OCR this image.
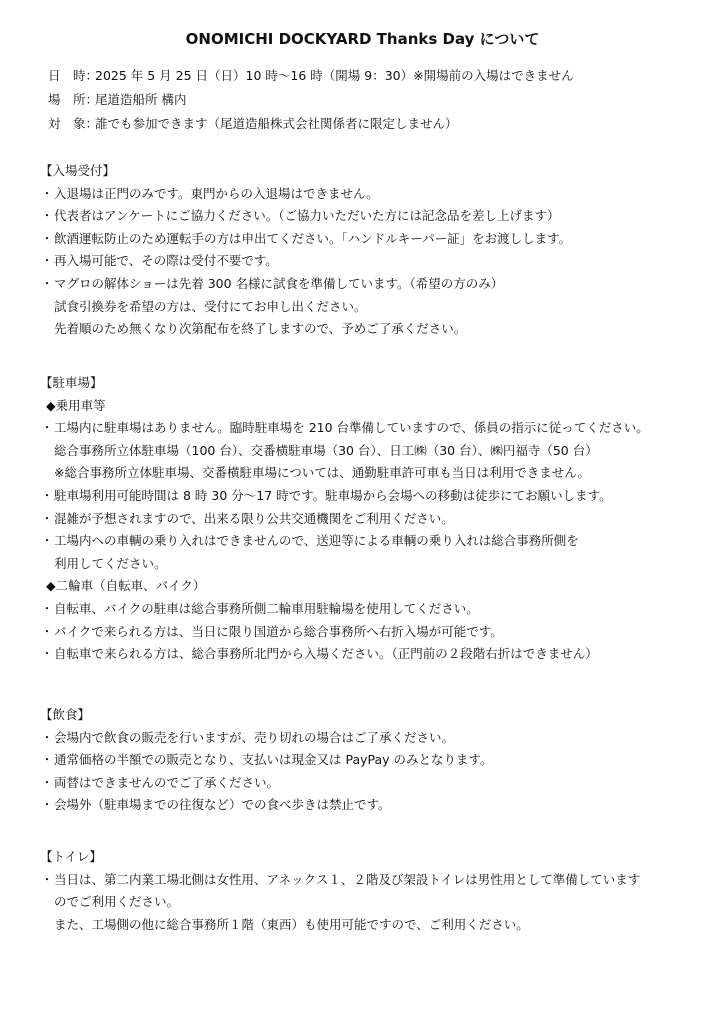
ONOMICHI DOCKYARD Thanks Day について
日　時：2025 年 5 月 25 日（日）10 時〜16 時（開場 9：30）※開場前の入場はできません
場　所：尾道造船所 構内
対　象：誰でも参加できます（尾道造船株式会社関係者に限定しません）
【入場受付】
・入退場は正門のみです。東門からの入退場はできません。
・代表者はアンケートにご協力ください。（ご協力いただいた方には記念品を差し上げます）
・飲酒運転防止のため運転手の方は申出てください。「ハンドルキーパー証」をお渡しします。
・再入場可能で、その際は受付不要です。
・マグロの解体ショーは先着 300 名様に試食を準備しています。（希望の方のみ）
試食引換券を希望の方は、受付にてお申し出ください。
先着順のため無くなり次第配布を終了しますので、予めご了承ください。
【駐車場】
◆乗用車等
・工場内に駐車場はありません。臨時駐車場を 210 台準備していますので、係員の指示に従ってください。
総合事務所立体駐車場（100 台）、交番横駐車場（30 台）、日工㈱（30 台）、㈱円福寺（50 台）
※総合事務所立体駐車場、交番横駐車場については、通勤駐車許可車も当日は利用できません。
・駐車場利用可能時間は 8 時 30 分〜17 時です。駐車場から会場への移動は徒歩にてお願いします。
・混雑が予想されますので、出来る限り公共交通機関をご利用ください。
・工場内への車輌の乗り入れはできませんので、送迎等による車輌の乗り入れは総合事務所側を
利用してください。
◆二輪車（自転車、バイク）
・自転車、バイクの駐車は総合事務所側二輪車用駐輪場を使用してください。
・バイクで来られる方は、当日に限り国道から総合事務所へ右折入場が可能です。
・自転車で来られる方は、総合事務所北門から入場ください。（正門前の２段階右折はできません）
【飲食】
・会場内で飲食の販売を行いますが、売り切れの場合はご了承ください。
・通常価格の半額での販売となり、支払いは現金又は PayPay のみとなります。
・両替はできませんのでご了承ください。
・会場外（駐車場までの往復など）での食べ歩きは禁止です。
【トイレ】
・当日は、第二内業工場北側は女性用、アネックス１、２階及び架設トイレは男性用として準備しています
のでご利用ください。
また、工場側の他に総合事務所１階（東西）も使用可能ですので、ご利用ください。
